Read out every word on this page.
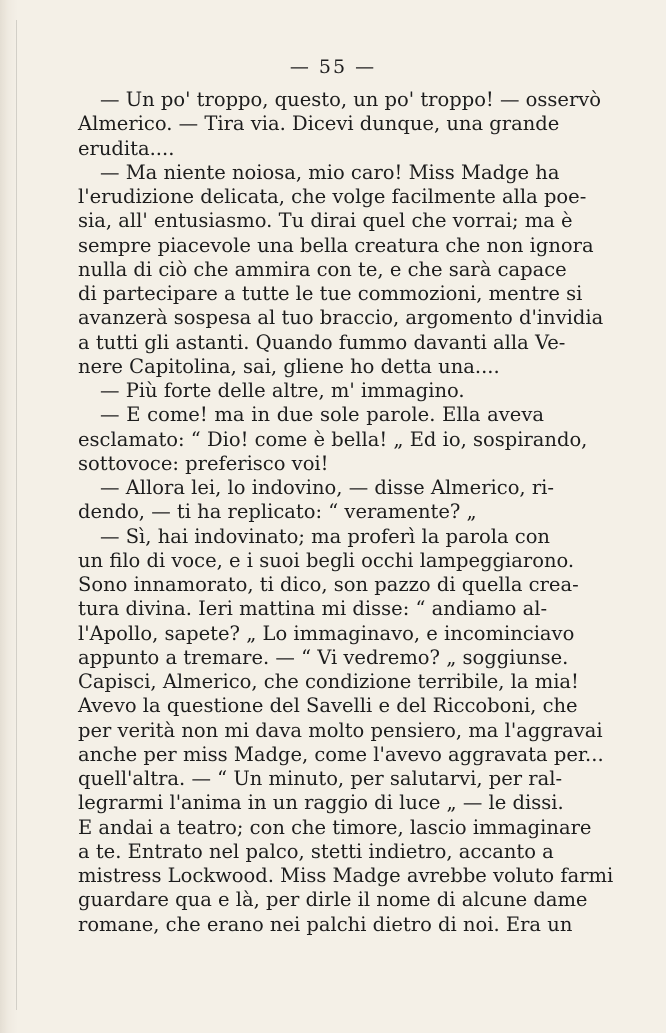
— 55 —
— Un po' troppo, questo, un po' troppo! — osservò
Almerico. — Tira via. Dicevi dunque, una grande
erudita....
— Ma niente noiosa, mio caro! Miss Madge ha
l'erudizione delicata, che volge facilmente alla poe-
sia, all' entusiasmo. Tu dirai quel che vorrai; ma è
sempre piacevole una bella creatura che non ignora
nulla di ciò che ammira con te, e che sarà capace
di partecipare a tutte le tue commozioni, mentre si
avanzerà sospesa al tuo braccio, argomento d'invidia
a tutti gli astanti. Quando fummo davanti alla Ve-
nere Capitolina, sai, gliene ho detta una....
— Più forte delle altre, m' immagino.
— E come! ma in due sole parole. Ella aveva
esclamato: “ Dio! come è bella! „ Ed io, sospirando,
sottovoce: preferisco voi!
— Allora lei, lo indovino, — disse Almerico, ri-
dendo, — ti ha replicato: “ veramente? „
— Sì, hai indovinato; ma proferì la parola con
un filo di voce, e i suoi begli occhi lampeggiarono.
Sono innamorato, ti dico, son pazzo di quella crea-
tura divina. Ieri mattina mi disse: “ andiamo al-
l'Apollo, sapete? „ Lo immaginavo, e incominciavo
appunto a tremare. — “ Vi vedremo? „ soggiunse.
Capisci, Almerico, che condizione terribile, la mia!
Avevo la questione del Savelli e del Riccoboni, che
per verità non mi dava molto pensiero, ma l'aggravai
anche per miss Madge, come l'avevo aggravata per...
quell'altra. — “ Un minuto, per salutarvi, per ral-
legrarmi l'anima in un raggio di luce „ — le dissi.
E andai a teatro; con che timore, lascio immaginare
a te. Entrato nel palco, stetti indietro, accanto a
mistress Lockwood. Miss Madge avrebbe voluto farmi
guardare qua e là, per dirle il nome di alcune dame
romane, che erano nei palchi dietro di noi. Era un
